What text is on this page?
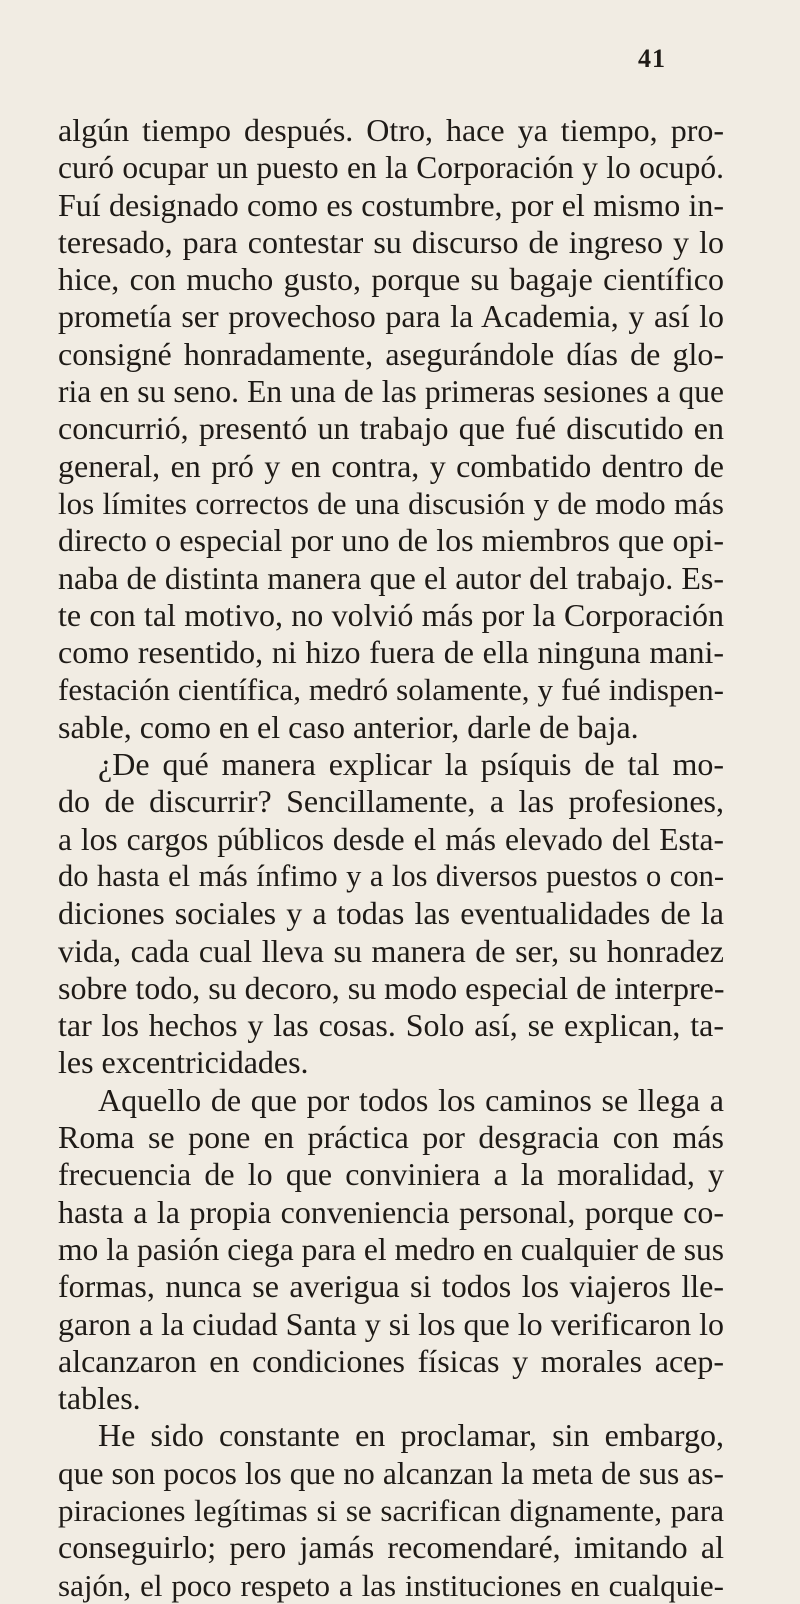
41
algún tiempo después. Otro, hace ya tiempo, pro-
curó ocupar un puesto en la Corporación y lo ocupó.
Fuí designado como es costumbre, por el mismo in-
teresado, para contestar su discurso de ingreso y lo
hice, con mucho gusto, porque su bagaje científico
prometía ser provechoso para la Academia, y así lo
consigné honradamente, asegurándole días de glo-
ria en su seno. En una de las primeras sesiones a que
concurrió, presentó un trabajo que fué discutido en
general, en pró y en contra, y combatido dentro de
los límites correctos de una discusión y de modo más
directo o especial por uno de los miembros que opi-
naba de distinta manera que el autor del trabajo. Es-
te con tal motivo, no volvió más por la Corporación
como resentido, ni hizo fuera de ella ninguna mani-
festación científica, medró solamente, y fué indispen-
sable, como en el caso anterior, darle de baja.
¿De qué manera explicar la psíquis de tal mo-
do de discurrir? Sencillamente, a las profesiones,
a los cargos públicos desde el más elevado del Esta-
do hasta el más ínfimo y a los diversos puestos o con-
diciones sociales y a todas las eventualidades de la
vida, cada cual lleva su manera de ser, su honradez
sobre todo, su decoro, su modo especial de interpre-
tar los hechos y las cosas. Solo así, se explican, ta-
les excentricidades.
Aquello de que por todos los caminos se llega a
Roma se pone en práctica por desgracia con más
frecuencia de lo que conviniera a la moralidad, y
hasta a la propia conveniencia personal, porque co-
mo la pasión ciega para el medro en cualquier de sus
formas, nunca se averigua si todos los viajeros lle-
garon a la ciudad Santa y si los que lo verificaron lo
alcanzaron en condiciones físicas y morales acep-
tables.
He sido constante en proclamar, sin embargo,
que son pocos los que no alcanzan la meta de sus as-
piraciones legítimas si se sacrifican dignamente, para
conseguirlo; pero jamás recomendaré, imitando al
sajón, el poco respeto a las instituciones en cualquie-
